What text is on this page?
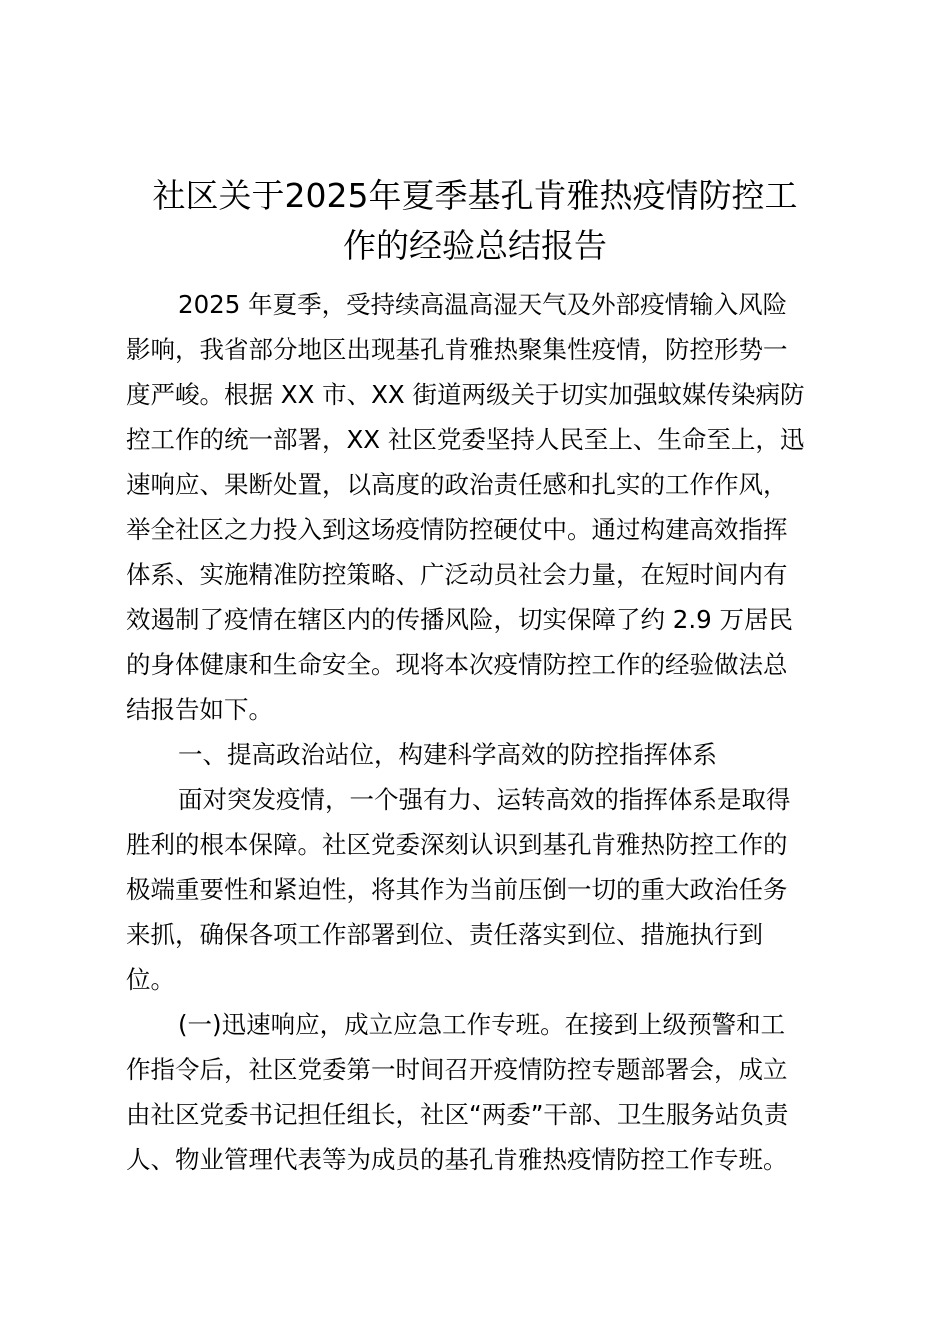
社区关于2025年夏季基孔肯雅热疫情防控工
作的经验总结报告
2025 年夏季，受持续高温高湿天气及外部疫情输入风险
影响，我省部分地区出现基孔肯雅热聚集性疫情，防控形势一
度严峻。根据 XX 市、XX 街道两级关于切实加强蚊媒传染病防
控工作的统一部署，XX 社区党委坚持人民至上、生命至上，迅
速响应、果断处置，以高度的政治责任感和扎实的工作作风，
举全社区之力投入到这场疫情防控硬仗中。通过构建高效指挥
体系、实施精准防控策略、广泛动员社会力量，在短时间内有
效遏制了疫情在辖区内的传播风险，切实保障了约 2.9 万居民
的身体健康和生命安全。现将本次疫情防控工作的经验做法总
结报告如下。
一、提高政治站位，构建科学高效的防控指挥体系
面对突发疫情，一个强有力、运转高效的指挥体系是取得
胜利的根本保障。社区党委深刻认识到基孔肯雅热防控工作的
极端重要性和紧迫性，将其作为当前压倒一切的重大政治任务
来抓，确保各项工作部署到位、责任落实到位、措施执行到
位。
(一)迅速响应，成立应急工作专班。在接到上级预警和工
作指令后，社区党委第一时间召开疫情防控专题部署会，成立
由社区党委书记担任组长，社区“两委”干部、卫生服务站负责
人、物业管理代表等为成员的基孔肯雅热疫情防控工作专班。
